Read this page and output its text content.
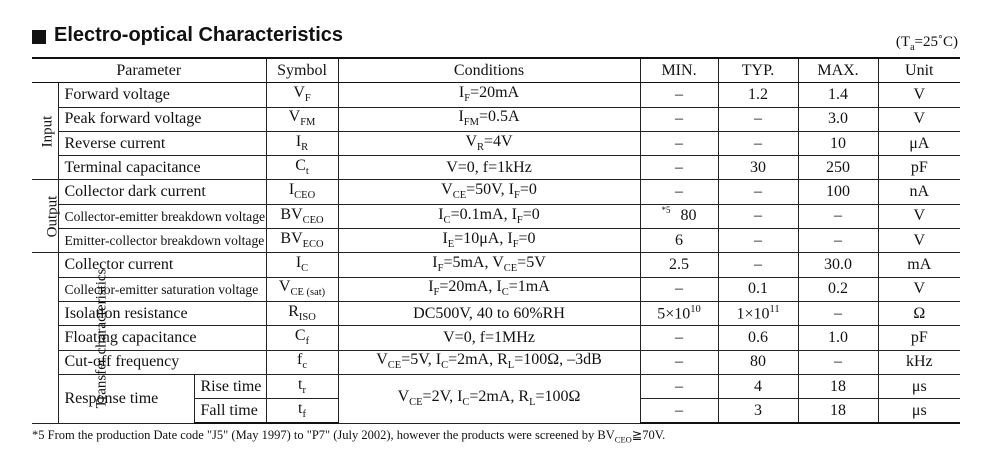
Electro-optical Characteristics	$(T_a=25˚C)$
Parameter			Symbol	Conditions	MIN.	TYP.	MAX.	Unit
Input	Forward voltage		$V_F$	$I_F=20mA$	–	1.2	1.4	V
	Peak forward voltage		$V_{FM}$	$I_{FM}=0.5A$	–	–	3.0	V
	Reverse current		$I_R$	$V_R=4V$	–	–	10	μA
	Terminal capacitance		$C_t$	V=0, f=1kHz	–	30	250	pF
Output	Collector dark current		$I_{CEO}$	$V_{CE}=50V$, $I_F=0$	–	–	100	nA
	Collector-emitter breakdown voltage		$BV_{CEO}$	$I_C=0.1mA$, $I_F=0$	$^{*5}$ 80	–	–	V
	Emitter-collector breakdown voltage		$BV_{ECO}$	$I_E=10\mu A$, $I_F=0$	6	–	–	V
Transfer characteristics	Collector current		$I_C$	$I_F=5mA$, $V_{CE}=5V$	2.5	–	30.0	mA
	Collector-emitter saturation voltage		$V_{CE (sat)}$	$I_F=20mA$, $I_C=1mA$	–	0.1	0.2	V
	Isolation resistance		$R_{ISO}$	DC500V, 40 to 60%RH	$5\times 10^{10}$	$1\times 10^{11}$	–	Ω
	Floating capacitance		$C_f$	V=0, f=1MHz	–	0.6	1.0	pF
	Cut-off frequency		$f_c$	$V_{CE}=5V$, $I_C=2mA$, $R_L=100\Omega$, –3dB	–	80	–	kHz
	Response time	Rise time	$t_r$	$V_{CE}=2V$, $I_C=2mA$, $R_L=100\Omega$	–	4	18	μs
		Fall time	$t_f$		–	3	18	μs
*5 From the production Date code "J5" (May 1997) to "P7" (July 2002), however the products were screened by $BV_{CEO}≧70V$.
